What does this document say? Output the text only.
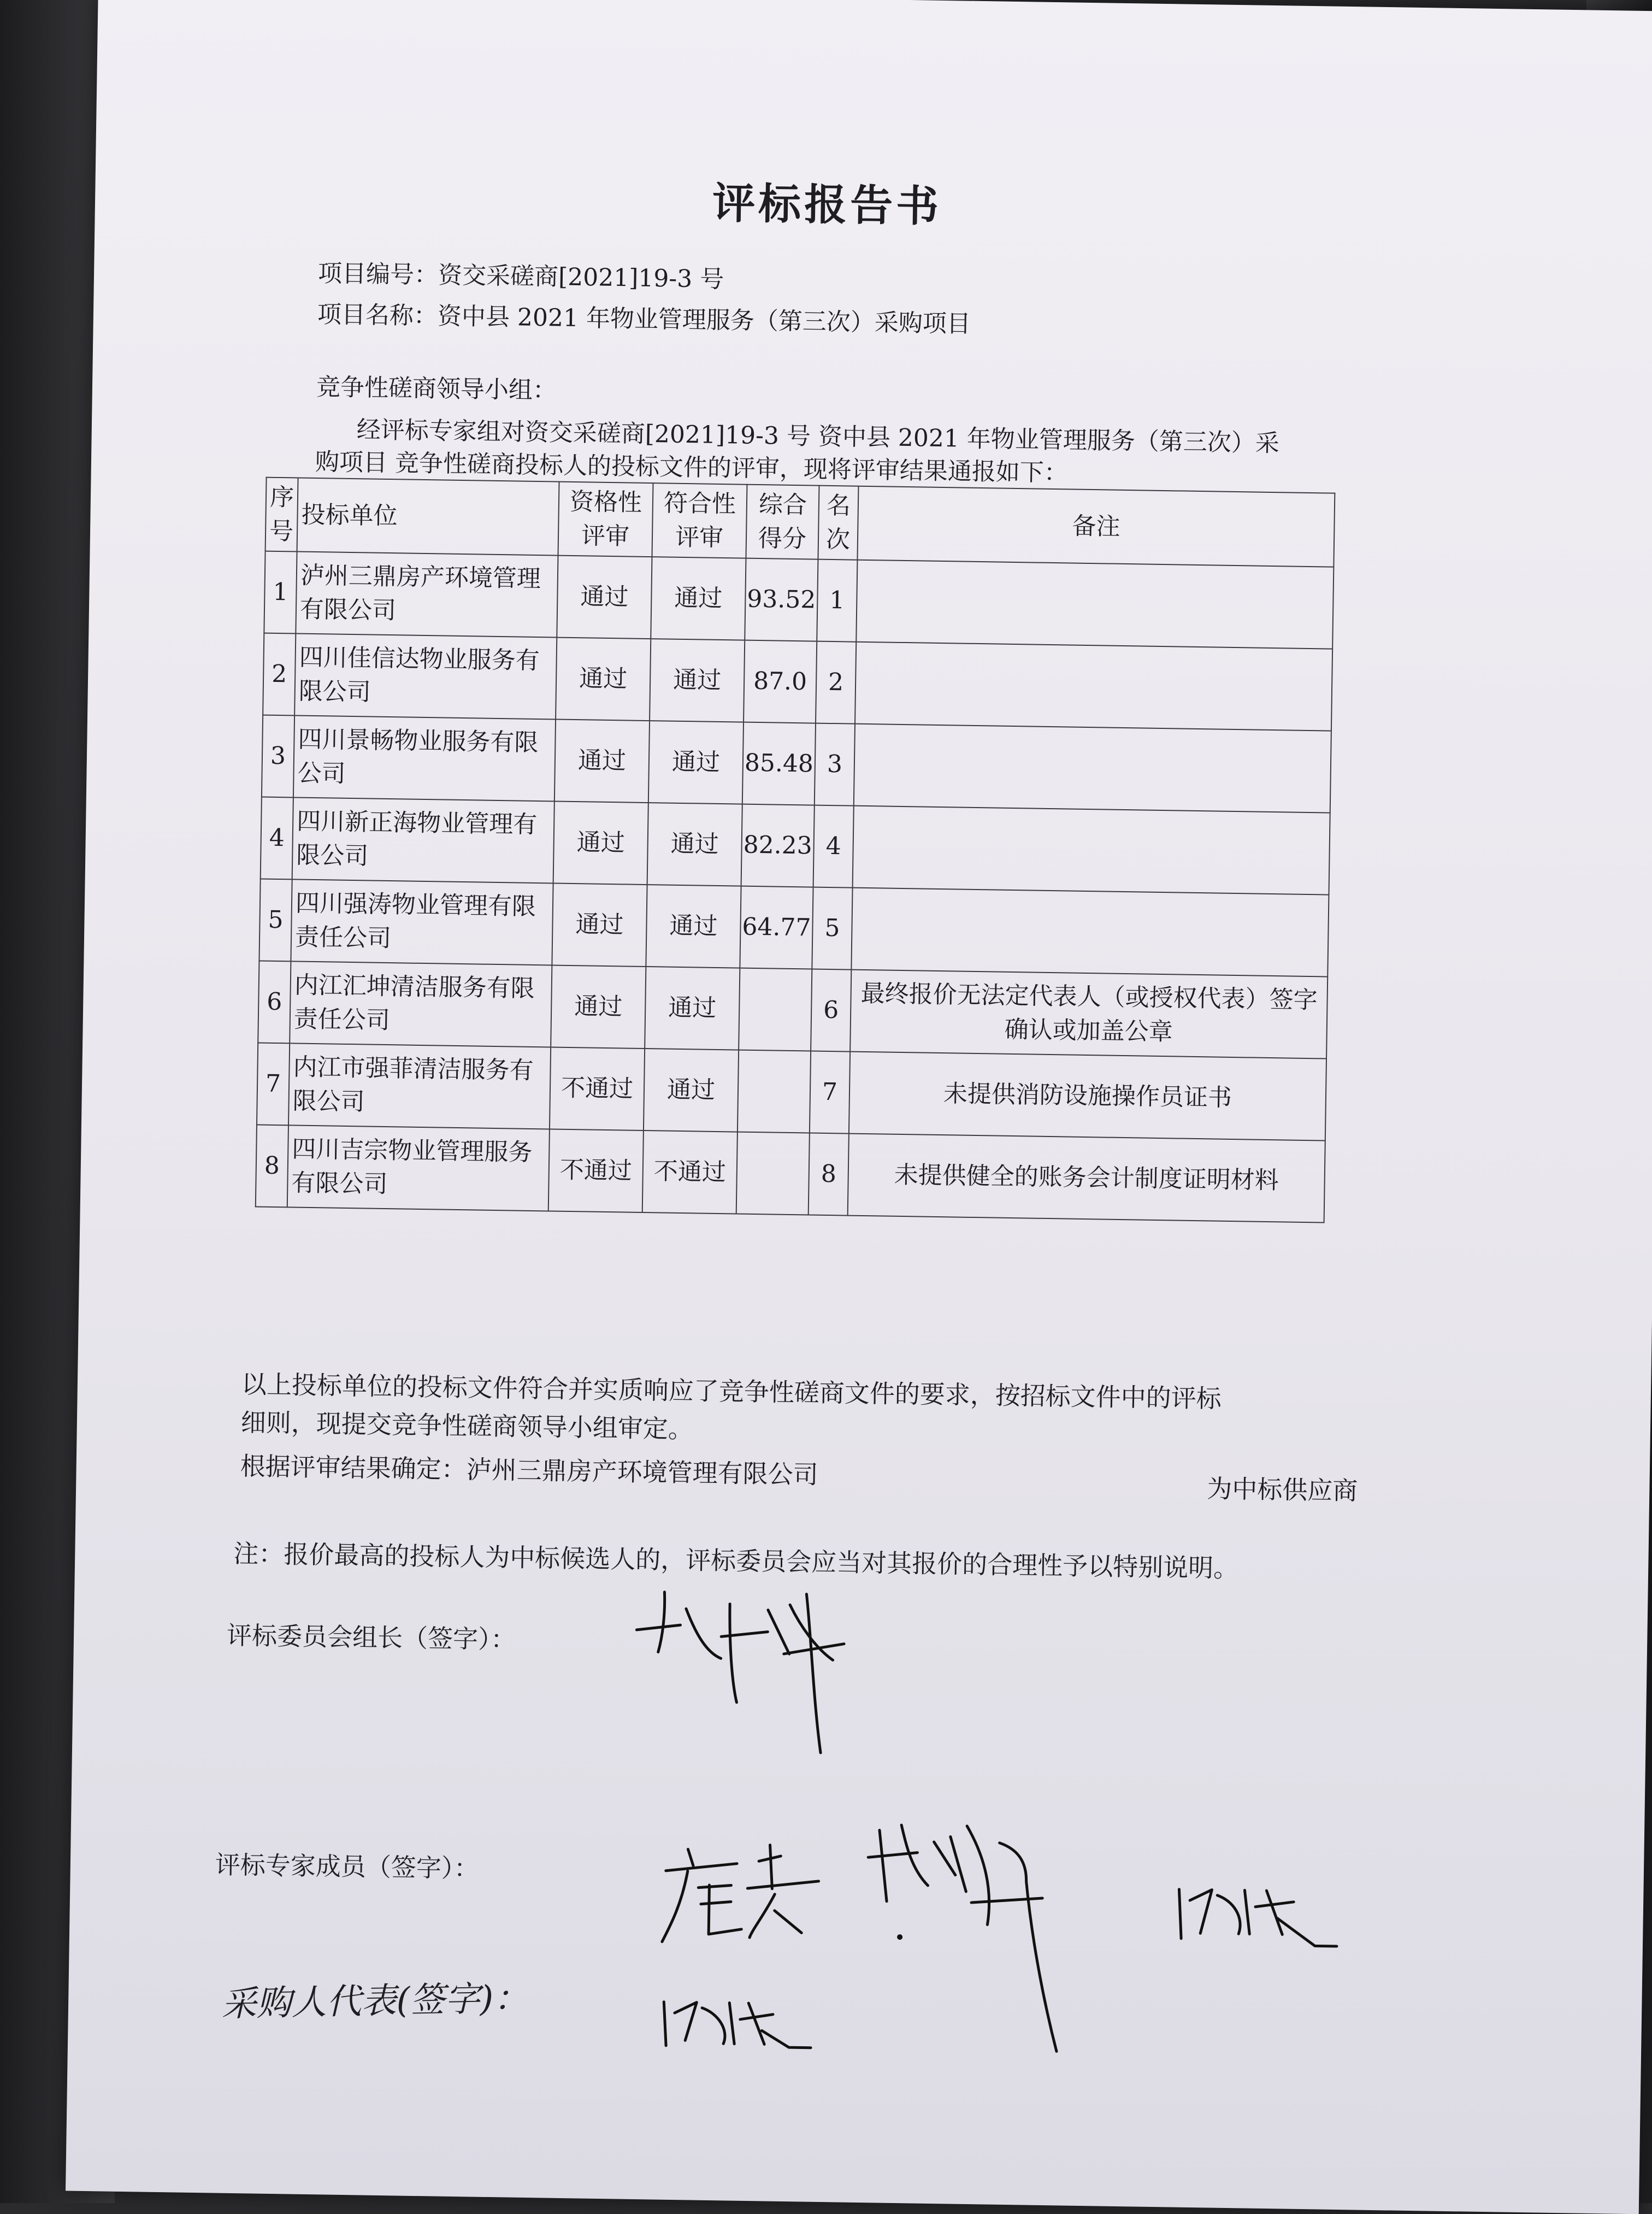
评标报告书
项目编号：资交采磋商[2021]19-3 号
项目名称：资中县 2021 年物业管理服务（第三次）采购项目
竞争性磋商领导小组：
经评标专家组对资交采磋商[2021]19-3 号 资中县 2021 年物业管理服务（第三次）采
购项目 竞争性磋商投标人的投标文件的评审，现将评审结果通报如下：
序号	投标单位	资格性评审	符合性评审	综合得分	名次	备注
1	泸州三鼎房产环境管理有限公司	通过	通过	93.52	1	
2	四川佳信达物业服务有限公司	通过	通过	87.0	2	
3	四川景畅物业服务有限公司	通过	通过	85.48	3	
4	四川新正海物业管理有限公司	通过	通过	82.23	4	
5	四川强涛物业管理有限责任公司	通过	通过	64.77	5	
6	内江汇坤清洁服务有限责任公司	通过	通过		6	最终报价无法定代表人（或授权代表）签字确认或加盖公章
7	内江市强菲清洁服务有限公司	不通过	通过		7	未提供消防设施操作员证书
8	四川吉宗物业管理服务有限公司	不通过	不通过		8	未提供健全的账务会计制度证明材料
以上投标单位的投标文件符合并实质响应了竞争性磋商文件的要求，按招标文件中的评标
细则，现提交竞争性磋商领导小组审定。
根据评审结果确定：泸州三鼎房产环境管理有限公司
为中标供应商
注：报价最高的投标人为中标候选人的，评标委员会应当对其报价的合理性予以特别说明。
评标委员会组长（签字）：
评标专家成员（签字）：
采购人代表(签字)：
